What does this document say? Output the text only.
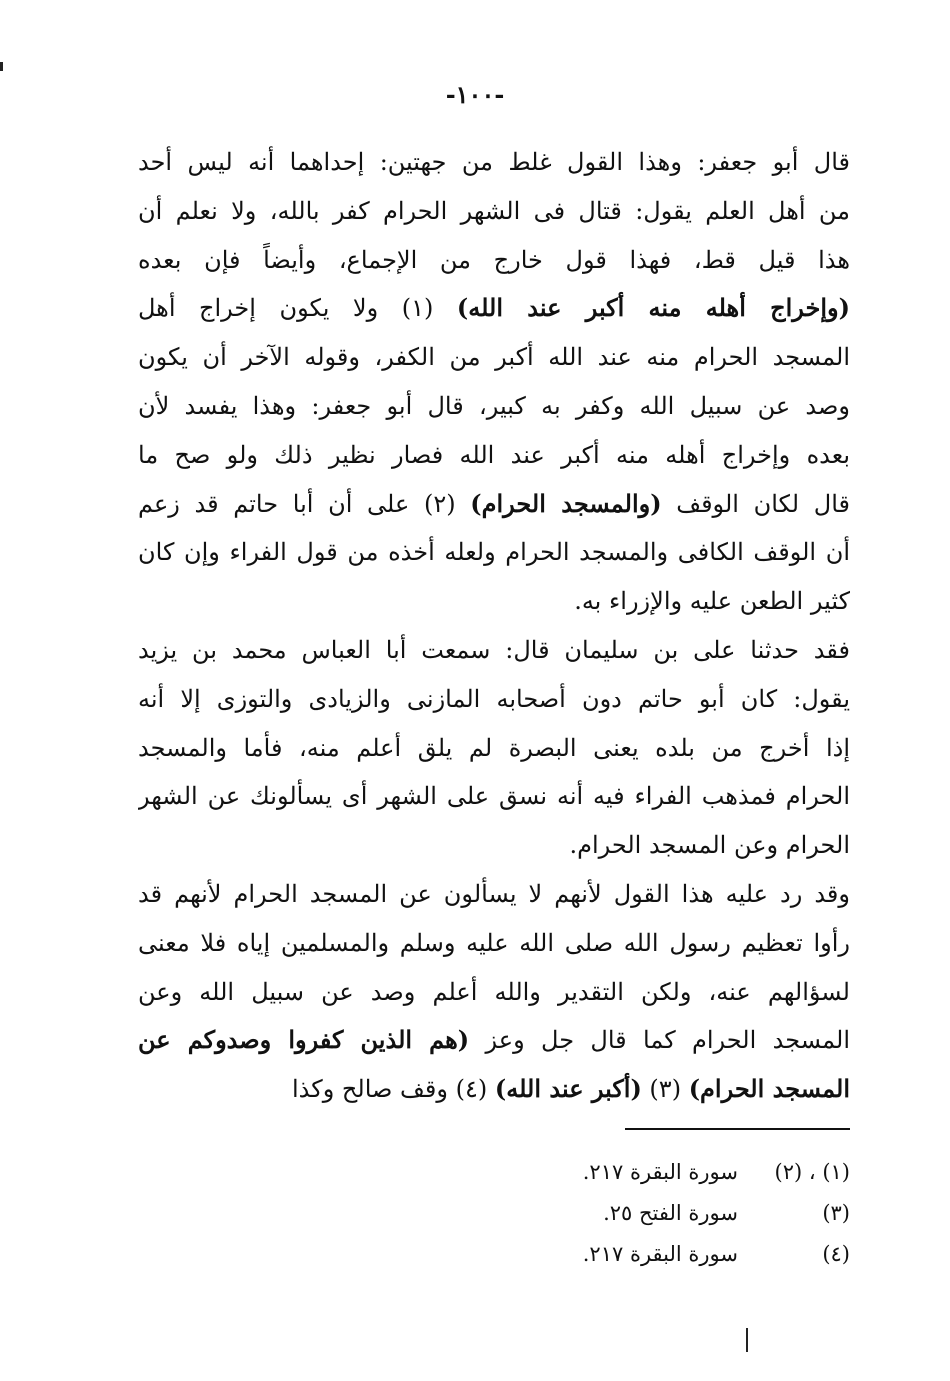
-١٠٠-
قال أبو جعفر: وهذا القول غلط من جهتين: إحداهما أنه ليس أحد
من أهل العلم يقول: قتال فى الشهر الحرام كفر بالله، ولا نعلم أن
هذا قيل قط، فهذا قول خارج من الإجماع، وأيضاً فإن بعده
(وإخراج أهله منه أكبر عند الله) (١) ولا يكون إخراج أهل
المسجد الحرام منه عند الله أكبر من الكفر، وقوله الآخر أن يكون
وصد عن سبيل الله وكفر به كبير، قال أبو جعفر: وهذا يفسد لأن
بعده وإخراج أهله منه أكبر عند الله فصار نظير ذلك ولو صح ما
قال لكان الوقف (والمسجد الحرام) (٢) على أن أبا حاتم قد زعم
أن الوقف الكافى والمسجد الحرام ولعله أخذه من قول الفراء وإن كان
كثير الطعن عليه والإزراء به.
فقد حدثنا على بن سليمان قال: سمعت أبا العباس محمد بن يزيد
يقول: كان أبو حاتم دون أصحابه المازنى والزيادى والتوزى إلا أنه
إذا أخرج من بلده يعنى البصرة لم يلق أعلم منه، فأما والمسجد
الحرام فمذهب الفراء فيه أنه نسق على الشهر أى يسألونك عن الشهر
الحرام وعن المسجد الحرام.
وقد رد عليه هذا القول لأنهم لا يسألون عن المسجد الحرام لأنهم قد
رأوا تعظيم رسول الله صلى الله عليه وسلم والمسلمين إياه فلا معنى
لسؤالهم عنه، ولكن التقدير والله أعلم وصد عن سبيل الله وعن
المسجد الحرام كما قال جل وعز (هم الذين كفروا وصدوكم عن
المسجد الحرام) (٣) (أكبر عند الله) (٤) وقف صالح وكذا
(١) ، (٢)سورة البقرة ٢١٧.
(٣)سورة الفتح ٢٥.
(٤)سورة البقرة ٢١٧.
